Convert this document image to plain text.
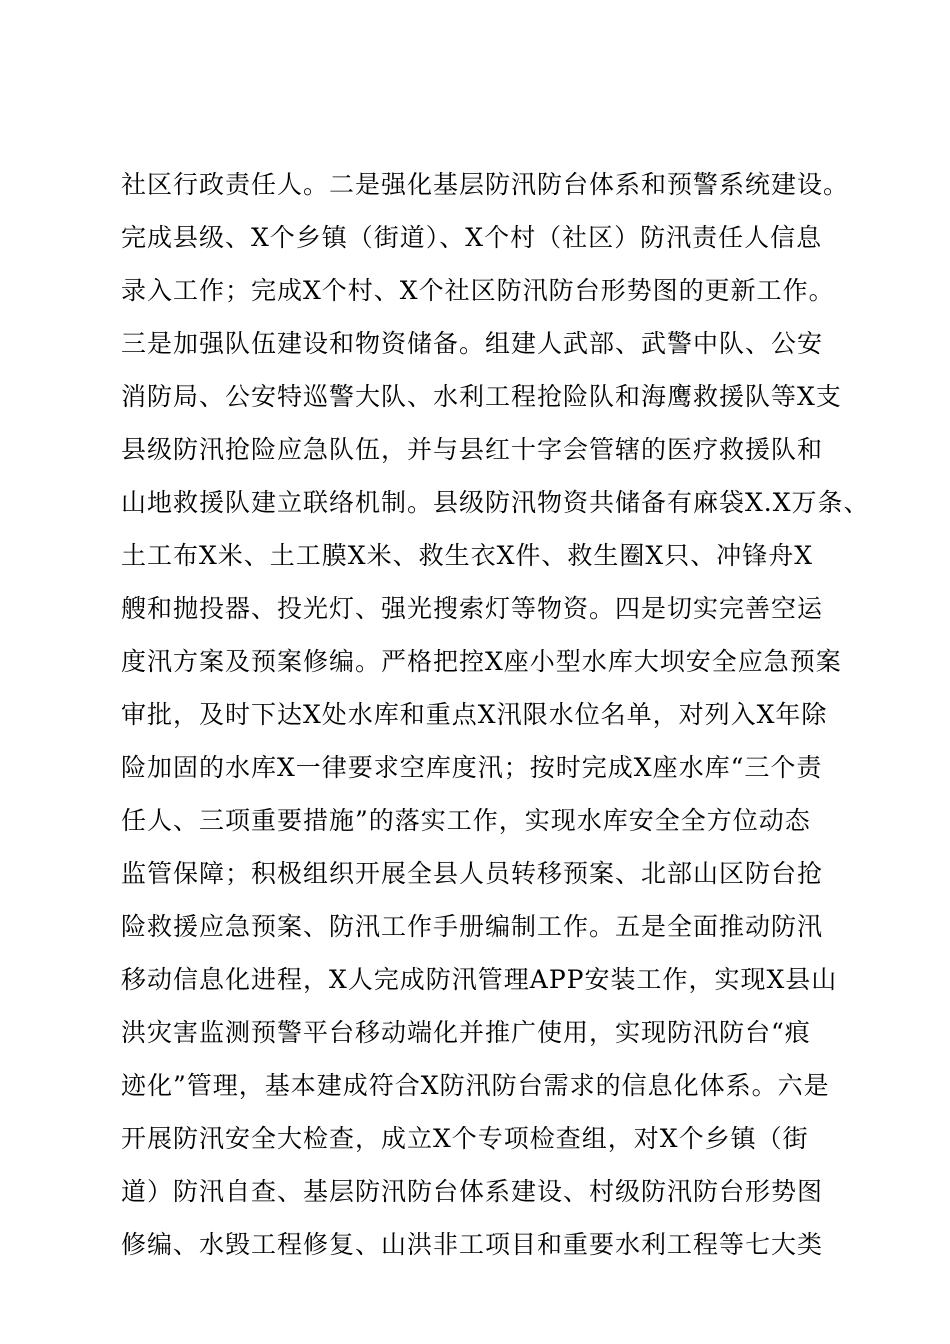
社区行政责任人。二是强化基层防汛防台体系和预警系统建设。
完成县级、X个乡镇（街道）、X个村（社区）防汛责任人信息
录入工作；完成X个村、X个社区防汛防台形势图的更新工作。
三是加强队伍建设和物资储备。组建人武部、武警中队、公安
消防局、公安特巡警大队、水利工程抢险队和海鹰救援队等X支
县级防汛抢险应急队伍，并与县红十字会管辖的医疗救援队和
山地救援队建立联络机制。县级防汛物资共储备有麻袋X.X万条、
土工布X米、土工膜X米、救生衣X件、救生圈X只、冲锋舟X
艘和抛投器、投光灯、强光搜索灯等物资。四是切实完善空运
度汛方案及预案修编。严格把控X座小型水库大坝安全应急预案
审批，及时下达X处水库和重点X汛限水位名单，对列入X年除
险加固的水库X一律要求空库度汛；按时完成X座水库“三个责
任人、三项重要措施”的落实工作，实现水库安全全方位动态
监管保障；积极组织开展全县人员转移预案、北部山区防台抢
险救援应急预案、防汛工作手册编制工作。五是全面推动防汛
移动信息化进程，X人完成防汛管理APP安装工作，实现X县山
洪灾害监测预警平台移动端化并推广使用，实现防汛防台“痕
迹化”管理，基本建成符合X防汛防台需求的信息化体系。六是
开展防汛安全大检查，成立X个专项检查组，对X个乡镇（街
道）防汛自查、基层防汛防台体系建设、村级防汛防台形势图
修编、水毁工程修复、山洪非工项目和重要水利工程等七大类
